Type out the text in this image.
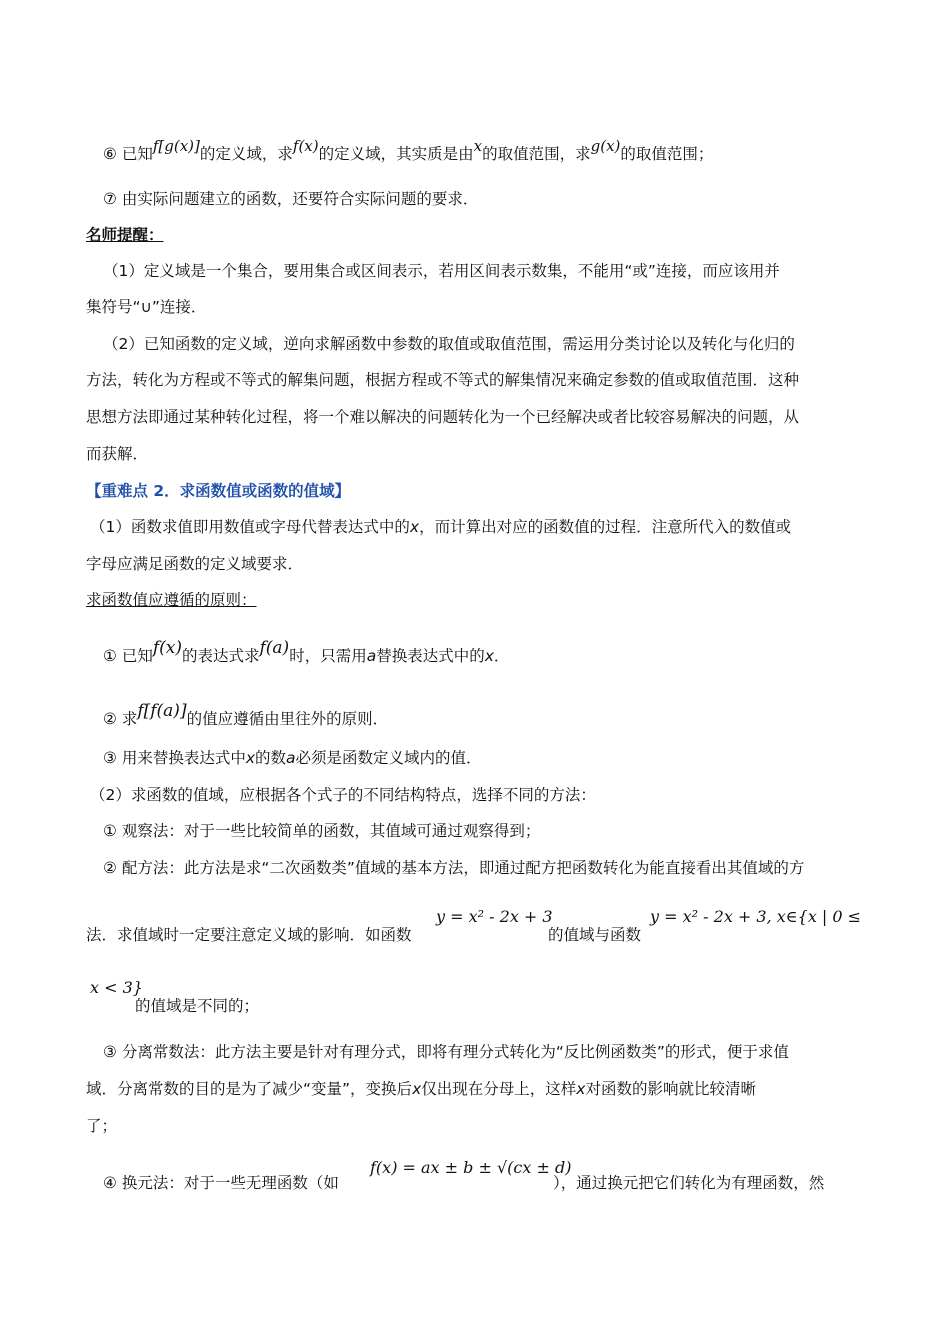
⑥ 已知f[g(x)]的定义域，求f(x)的定义域，其实质是由x的取值范围，求g(x)的取值范围；
⑦ 由实际问题建立的函数，还要符合实际问题的要求．
名师提醒：
（1）定义域是一个集合，要用集合或区间表示，若用区间表示数集，不能用“或”连接，而应该用并
集符号“∪”连接．
（2）已知函数的定义域，逆向求解函数中参数的取值或取值范围，需运用分类讨论以及转化与化归的
方法，转化为方程或不等式的解集问题，根据方程或不等式的解集情况来确定参数的值或取值范围．这种
思想方法即通过某种转化过程，将一个难以解决的问题转化为一个已经解决或者比较容易解决的问题，从
而获解．
【重难点 2．求函数值或函数的值域】
（1）函数求值即用数值或字母代替表达式中的x，而计算出对应的函数值的过程．注意所代入的数值或
字母应满足函数的定义域要求．
求函数值应遵循的原则：
① 已知f(x)的表达式求f(a)时，只需用a替换表达式中的x．
② 求f[f(a)]的值应遵循由里往外的原则．
③ 用来替换表达式中x的数a必须是函数定义域内的值．
（2）求函数的值域，应根据各个式子的不同结构特点，选择不同的方法：
① 观察法：对于一些比较简单的函数，其值域可通过观察得到；
② 配方法：此方法是求“二次函数类”值域的基本方法，即通过配方把函数转化为能直接看出其值域的方
法．求值域时一定要注意定义域的影响．如函数
y = x² - 2x + 3
的值域与函数
y = x² - 2x + 3, x∈{x | 0 ≤
x < 3}
的值域是不同的；
③ 分离常数法：此方法主要是针对有理分式，即将有理分式转化为“反比例函数类”的形式，便于求值
域．分离常数的目的是为了减少“变量”，变换后x仅出现在分母上，这样x对函数的影响就比较清晰
了；
④ 换元法：对于一些无理函数（如
f(x) = ax ± b ± √(cx ± d)
），通过换元把它们转化为有理函数，然
